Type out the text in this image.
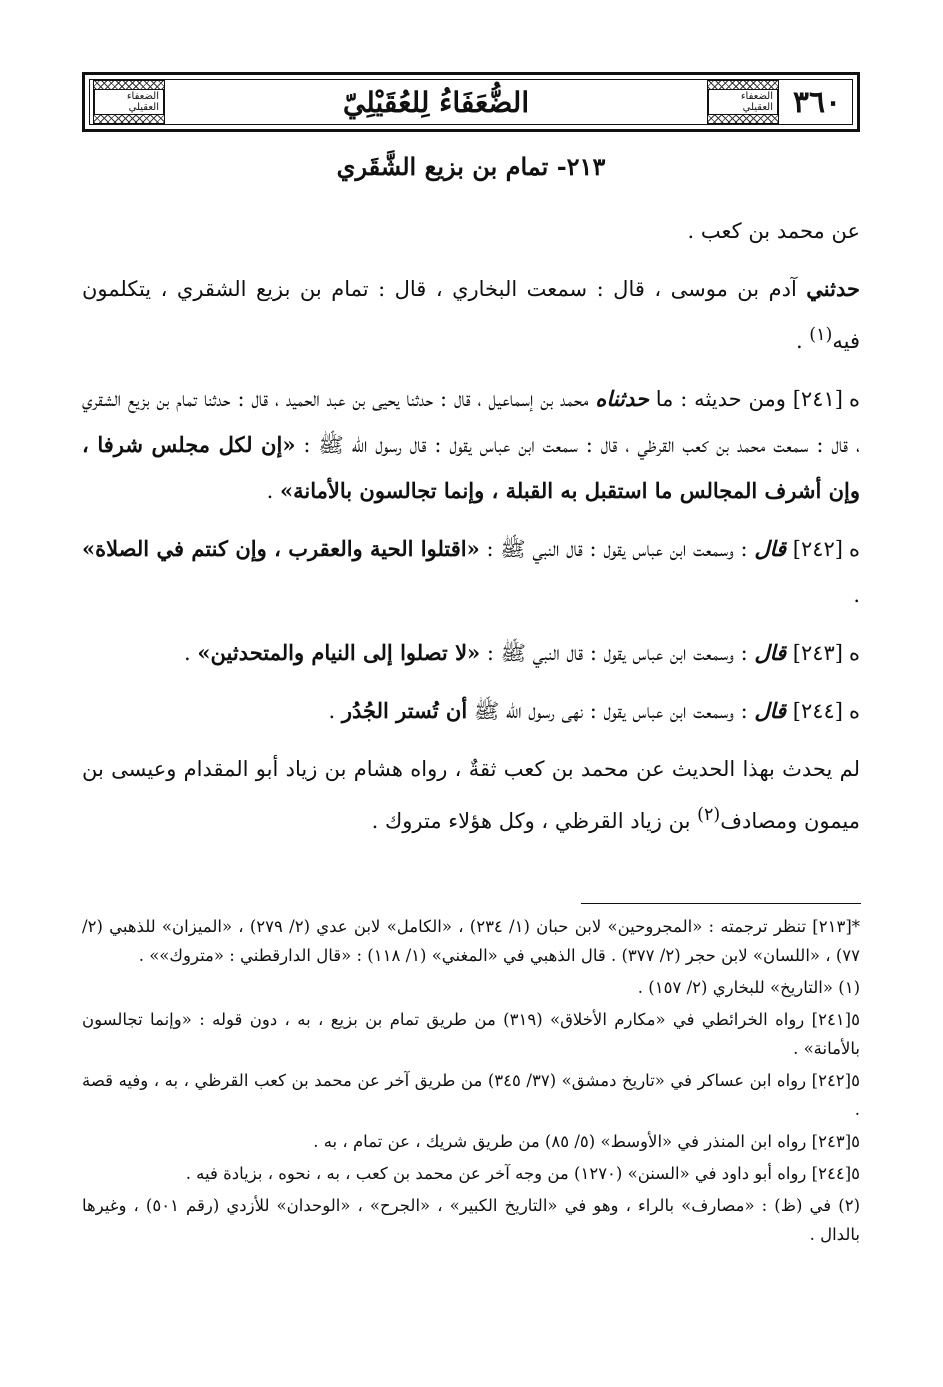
٣٦٠
الضعفاء العقيلي
الضُّعَفَاءُ لِلعُقَيْلِيّ
الضعفاء العقيلي
٢١٣- تمام بن بزيع الشَّقَري

عن محمد بن كعب .

حدثني آدم بن موسى ، قال : سمعت البخاري ، قال : تمام بن بزيع الشقري ، يتكلمون فيه$^{(١)}$ .

ه[٢٤١] ومن حديثه : ما حدثناه محمد بن إسماعيل ، قال : حدثنا يحيى بن عبد الحميد ، قال : حدثنا تمام بن بزيع الشقري ، قال : سمعت محمد بن كعب القرظي ، قال : سمعت ابن عباس يقول : قال رسول الله ﷺ : «إن لكل مجلس شرفا ، وإن أشرف المجالس ما استقبل به القبلة ، وإنما تجالسون بالأمانة» .

ه[٢٤٢] قال : وسمعت ابن عباس يقول : قال النبي ﷺ : «اقتلوا الحية والعقرب ، وإن كنتم في الصلاة» .

ه[٢٤٣] قال : وسمعت ابن عباس يقول : قال النبي ﷺ : «لا تصلوا إلى النيام والمتحدثين» .

ه[٢٤٤] قال : وسمعت ابن عباس يقول : نهى رسول الله ﷺ أن تُستر الجُدُر .

لم يحدث بهذا الحديث عن محمد بن كعب ثقةٌ ، رواه هشام بن زياد أبو المقدام وعيسى بن ميمون ومصادف$^{(٢)}$ بن زياد القرظي ، وكل هؤلاء متروك .

*[٢١٣] تنظر ترجمته : «المجروحين» لابن حبان (١/ ٢٣٤) ، «الكامل» لابن عدي (٢/ ٢٧٩) ، «الميزان» للذهبي (٢/ ٧٧) ، «اللسان» لابن حجر (٢/ ٣٧٧) . قال الذهبي في «المغني» (١/ ١١٨) : «قال الدارقطني : «متروك»» .

(١) «التاريخ» للبخاري (٢/ ١٥٧) .

٥[٢٤١] رواه الخرائطي في «مكارم الأخلاق» (٣١٩) من طريق تمام بن بزيع ، به ، دون قوله : «وإنما تجالسون بالأمانة» .

٥[٢٤٢] رواه ابن عساكر في «تاريخ دمشق» (٣٧/ ٣٤٥) من طريق آخر عن محمد بن كعب القرظي ، به ، وفيه قصة .

٥[٢٤٣] رواه ابن المنذر في «الأوسط» (٥/ ٨٥) من طريق شريك ، عن تمام ، به .

٥[٢٤٤] رواه أبو داود في «السنن» (١٢٧٠) من وجه آخر عن محمد بن كعب ، به ، نحوه ، بزيادة فيه .

(٢) في (ظ) : «مصارف» بالراء ، وهو في «التاريخ الكبير» ، «الجرح» ، «الوحدان» للأزدي (رقم ٥٠١) ، وغيرها بالدال .
